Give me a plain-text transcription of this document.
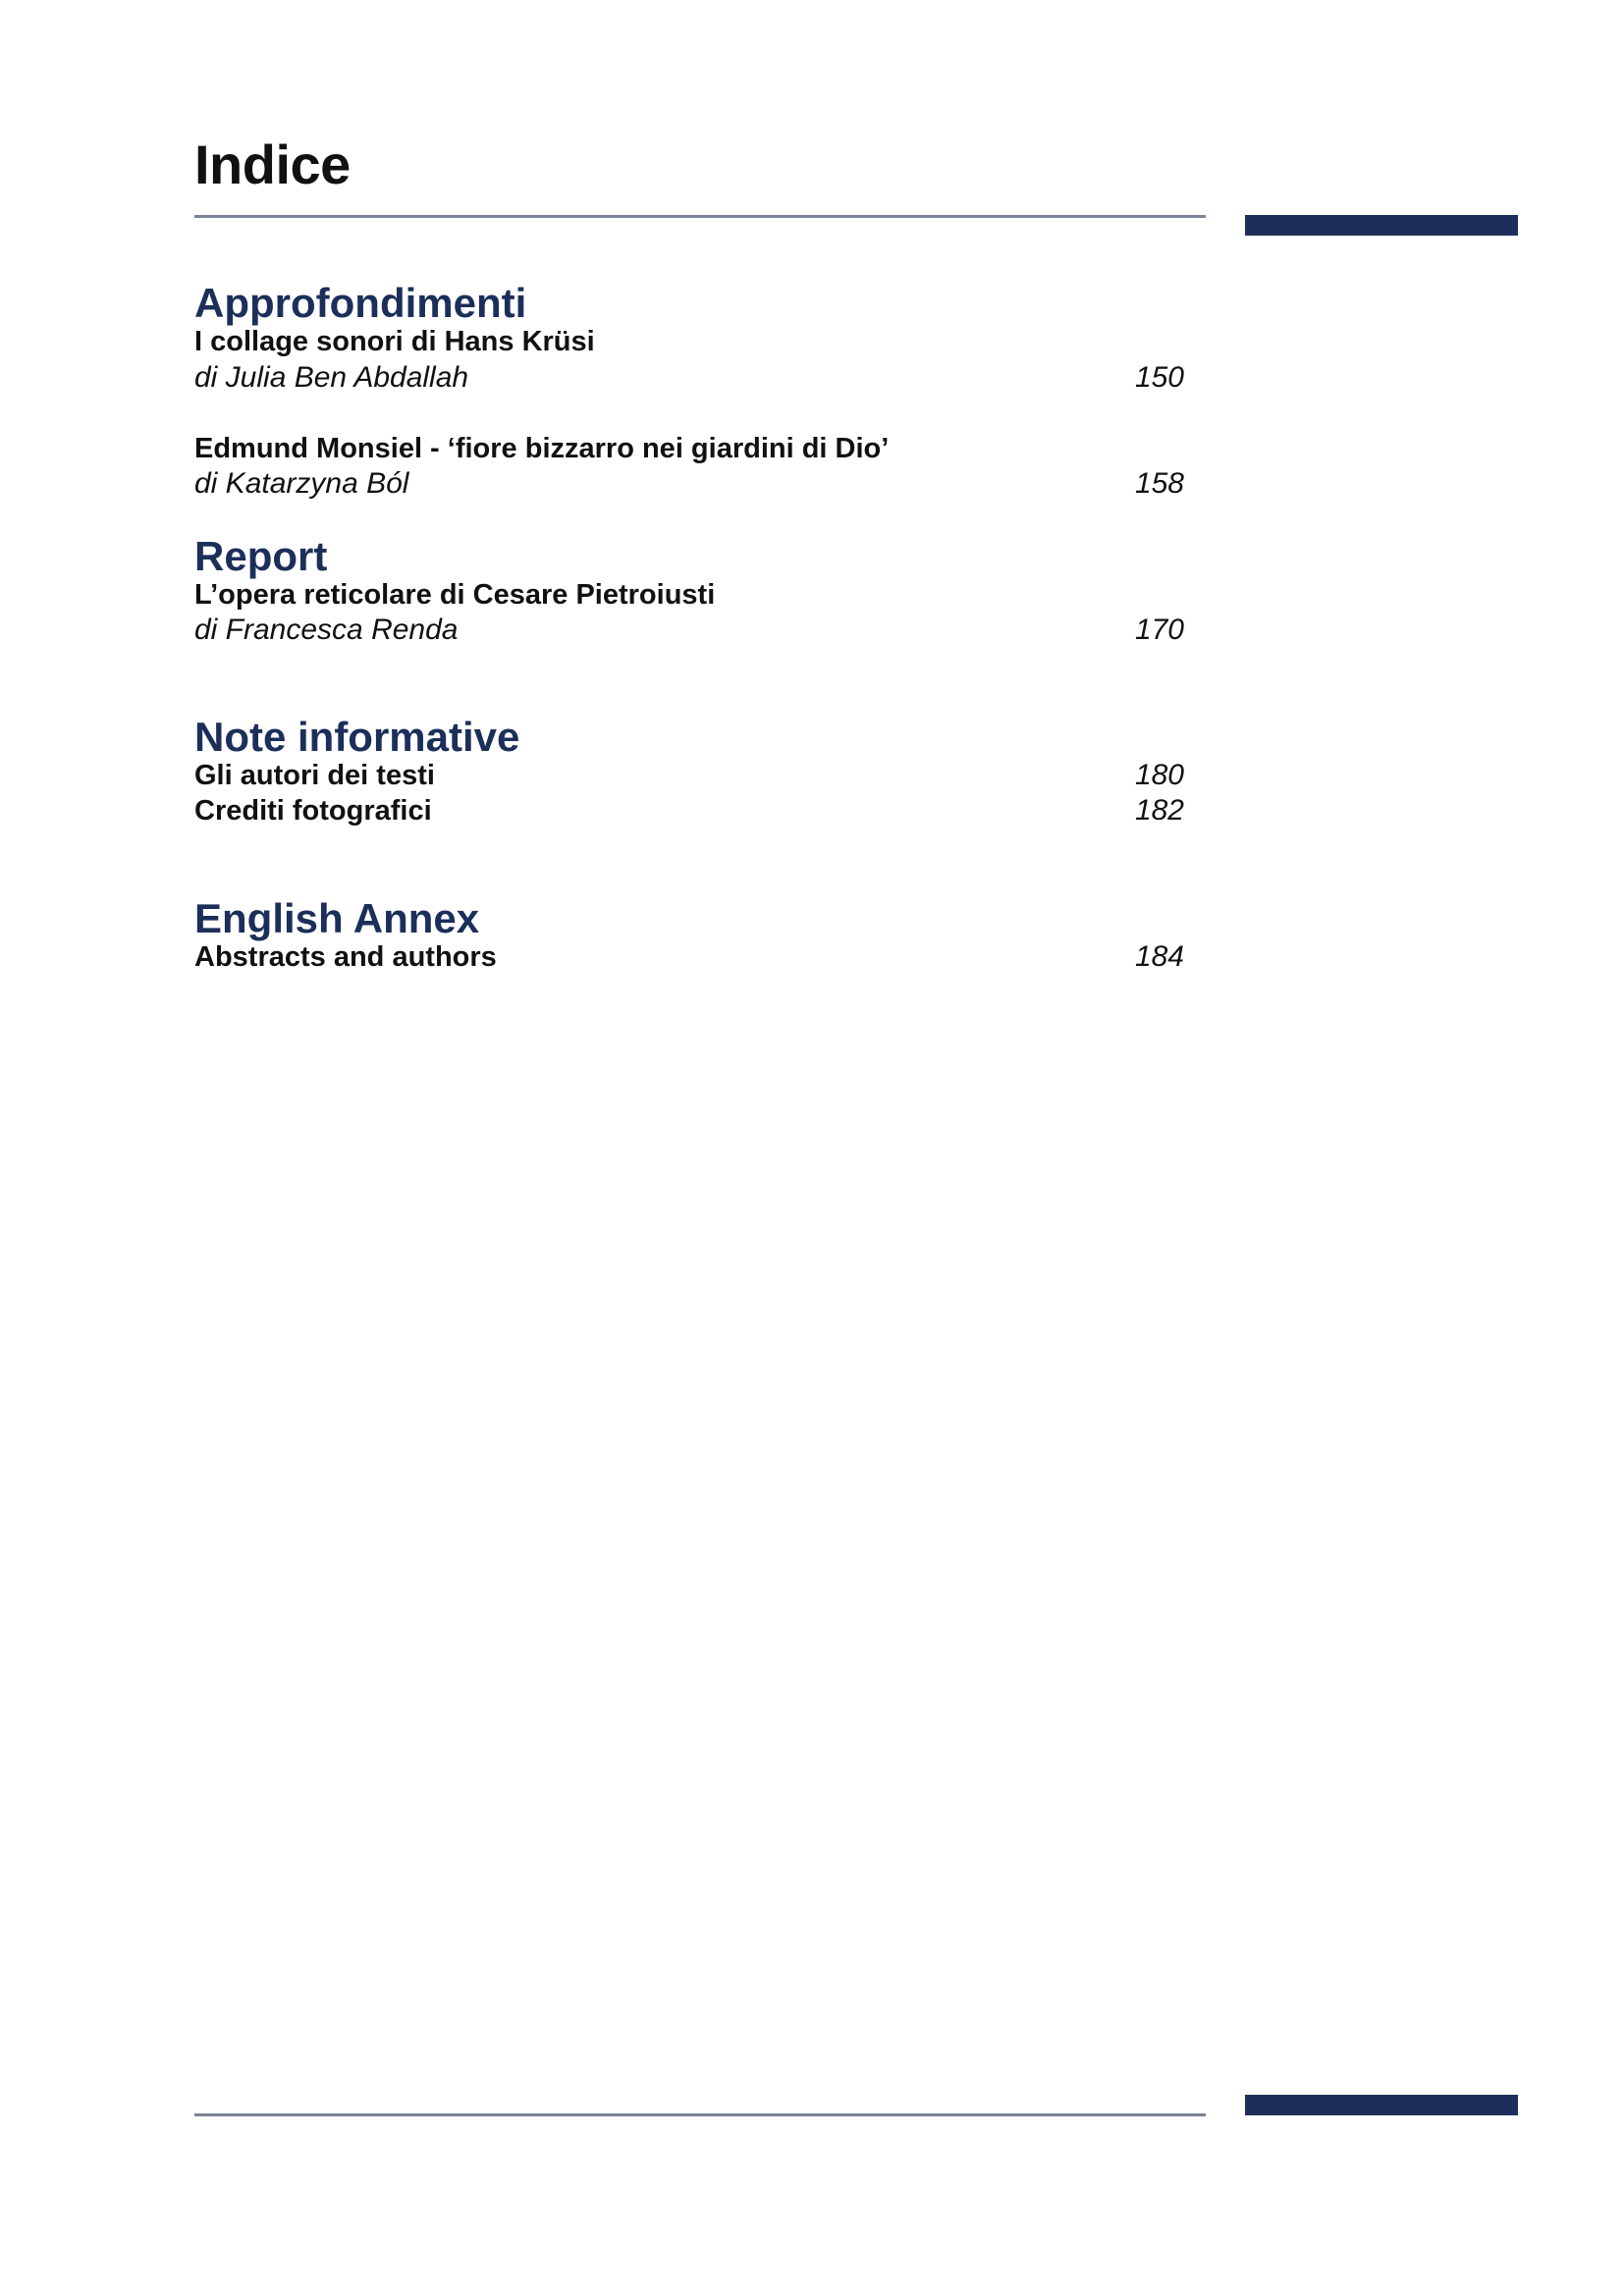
Indice
Approfondimenti
I collage sonori di Hans Krüsi
di Julia Ben Abdallah	150
Edmund Monsiel - ‘fiore bizzarro nei giardini di Dio’
di Katarzyna Ból	158
Report
L’opera reticolare di Cesare Pietroiusti
di Francesca Renda	170
Note informative
Gli autori dei testi	180
Crediti fotografici	182
English Annex
Abstracts and authors	184
